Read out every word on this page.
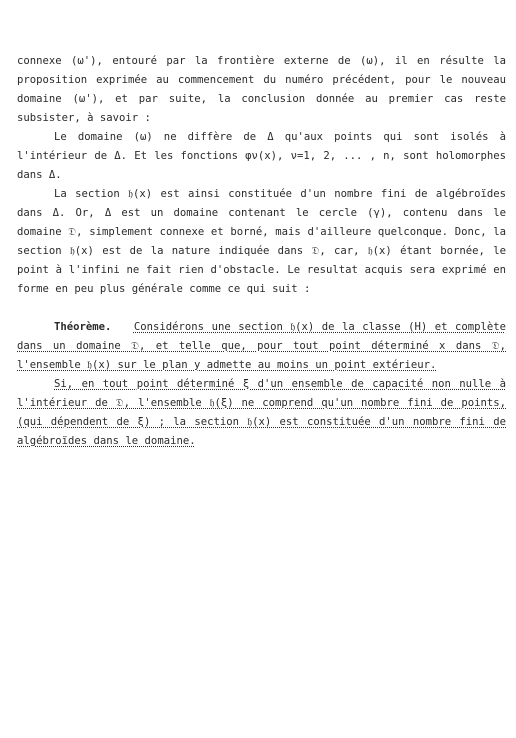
connexe (ω'), entouré par la frontière externe de (ω), il en résulte la proposition exprimée au commencement du numéro précédent, pour le nouveau domaine (ω'), et par suite, la conclusion donnée au premier cas reste subsister, à savoir :

Le domaine (ω) ne diffère de Δ qu'aux points qui sont isolés à l'intérieur de Δ. Et les fonctions φν(x), ν=1, 2, ... , n, sont holomorphes dans Δ.

La section 𝔥(x) est ainsi constituée d'un nombre fini de algébroïdes dans Δ. Or, Δ est un domaine contenant le cercle (γ), contenu dans le domaine 𝔇, simplement connexe et borné, mais d'ailleure quelconque. Donc, la section 𝔥(x) est de la nature indiquée dans 𝔇, car, 𝔥(x) étant bornée, le point à l'infini ne fait rien d'obstacle. Le resultat acquis sera exprimé en forme en peu plus générale comme ce qui suit :

Théorème. Considérons une section 𝔥(x) de la classe (H) et complète dans un domaine 𝔇, et telle que, pour tout point déterminé x dans 𝔇, l'ensemble 𝔥(x) sur le plan y admette au moins un point extérieur.

Si, en tout point déterminé ξ d'un ensemble de capacité non nulle à l'intérieur de 𝔇, l'ensemble 𝔥(ξ) ne comprend qu'un nombre fini de points, (qui dépendent de ξ) ; la section 𝔥(x) est constituée d'un nombre fini de algébroïdes dans le domaine.
